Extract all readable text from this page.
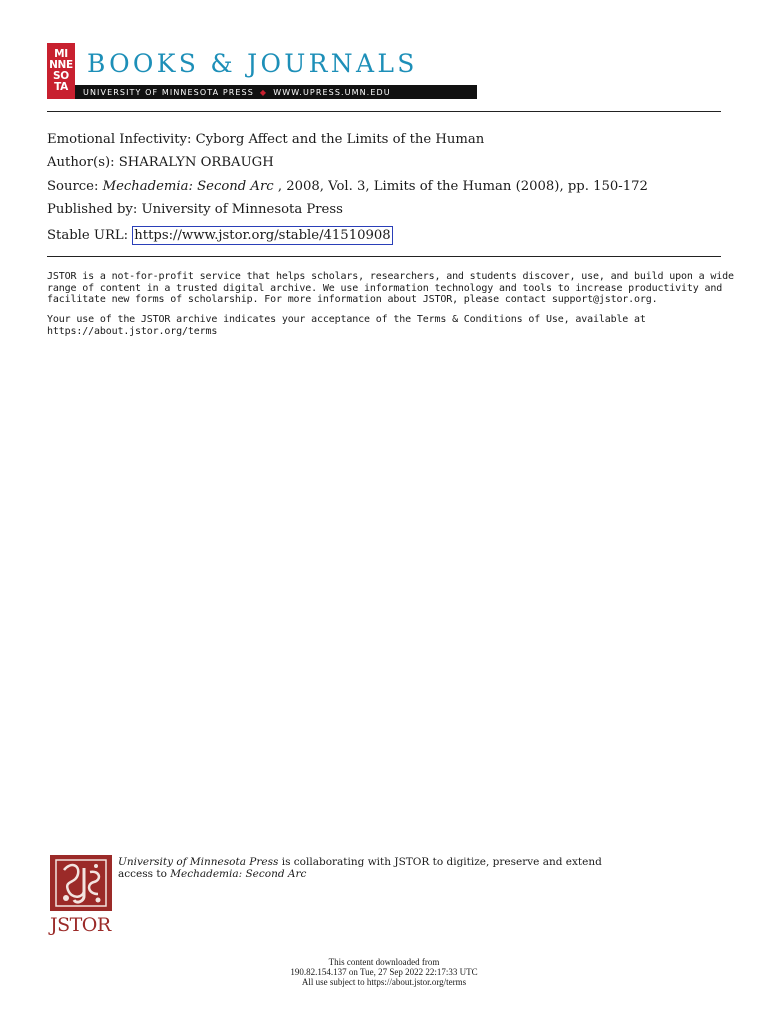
MI
NNE
SO
TA
BOOKS & JOURNALS
UNIVERSITY OF MINNESOTA PRESS ◆ WWW.UPRESS.UMN.EDU
Emotional Infectivity: Cyborg Affect and the Limits of the Human
Author(s): SHARALYN ORBAUGH
Source: Mechademia: Second Arc , 2008, Vol. 3, Limits of the Human (2008), pp. 150-172
Published by: University of Minnesota Press
Stable URL: https://www.jstor.org/stable/41510908
JSTOR is a not-for-profit service that helps scholars, researchers, and students discover, use, and build upon a wide
range of content in a trusted digital archive. We use information technology and tools to increase productivity and
facilitate new forms of scholarship. For more information about JSTOR, please contact support@jstor.org.
Your use of the JSTOR archive indicates your acceptance of the Terms & Conditions of Use, available at
https://about.jstor.org/terms
JSTOR
University of Minnesota Press is collaborating with JSTOR to digitize, preserve and extend
access to Mechademia: Second Arc
This content downloaded from
190.82.154.137 on Tue, 27 Sep 2022 22:17:33 UTC
All use subject to https://about.jstor.org/terms
